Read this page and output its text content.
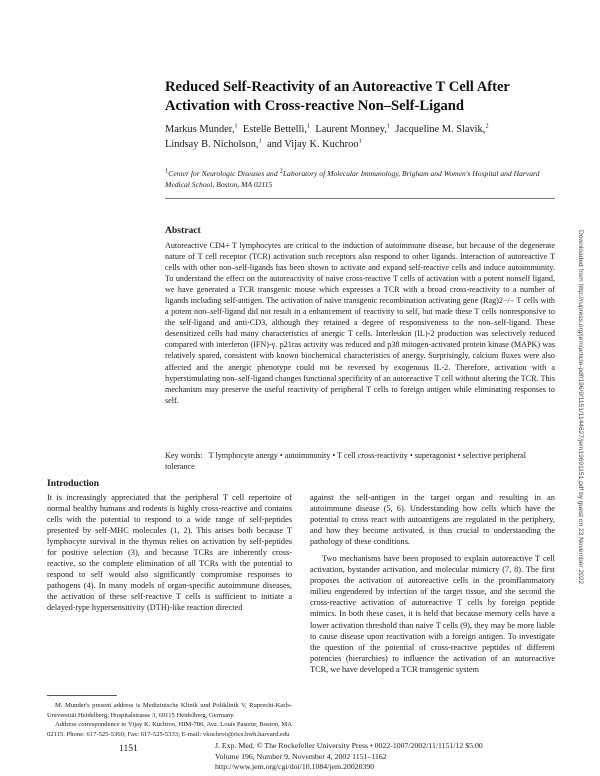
Reduced Self-Reactivity of an Autoreactive T Cell After
Activation with Cross-reactive Non–Self-Ligand
Markus Munder,$^1$ Estelle Bettelli,$^1$ Laurent Monney,$^1$ Jacqueline M. Slavik,$^2$
Lindsay B. Nicholson,$^1$ and Vijay K. Kuchroo$^1$
$^1$Center for Neurologic Diseases and $^2$Laboratory of Molecular Immunology, Brigham and Women's Hospital and Harvard Medical School, Boston, MA 02115
Abstract
Autoreactive CD4+ T lymphocytes are critical to the induction of autoimmune disease, but because of the degenerate nature of T cell receptor (TCR) activation such receptors also respond to other ligands. Interaction of autoreactive T cells with other non–self-ligands has been shown to activate and expand self-reactive cells and induce autoimmunity. To understand the effect on the autoreactivity of naive cross-reactive T cells of activation with a potent nonself ligand, we have generated a TCR transgenic mouse which expresses a TCR with a broad cross-reactivity to a number of ligands including self-antigen. The activation of naive transgenic recombination activating gene (Rag)2−/− T cells with a potent non–self-ligand did not result in a enhancement of reactivity to self, but made these T cells nonresponsive to the self-ligand and anti-CD3, although they retained a degree of responsiveness to the non–self-ligand. These desensitized cells had many characteristics of anergic T cells. Interleukin (IL)-2 production was selectively reduced compared with interferon (IFN)-γ. p21ras activity was reduced and p38 mitogen-activated protein kinase (MAPK) was relatively spared, consistent with known biochemical characteristics of anergy. Surprisingly, calcium fluxes were also affected and the anergic phenotype could not be reversed by exogenous IL-2. Therefore, activation with a hyperstimulating non–self-ligand changes functional specificity of an autoreactive T cell without altering the TCR. This mechanism may preserve the useful reactivity of peripheral T cells to foreign antigen while eliminating responses to self.
Key words: T lymphocyte anergy • autoimmunity • T cell cross-reactivity • superagonist • selective peripheral tolerance
Introduction
It is increasingly appreciated that the peripheral T cell repertoire of normal healthy humans and rodents is highly cross-reactive and contains cells with the potential to respond to a wide range of self-peptides presented by self-MHC molecules (1, 2). This arises both because T lymphocyte survival in the thymus relies on activation by self-peptides for positive selection (3), and because TCRs are inherently cross-reactive, so the complete elimination of all TCRs with the potential to respond to self would also significantly compromise responses to pathogens (4). In many models of organ-specific autoimmune diseases, the activation of these self-reactive T cells is sufficient to initiate a delayed-type hypersensitivity (DTH)-like reaction directed

against the self-antigen in the target organ and resulting in an autoimmune disease (5, 6). Understanding how cells which have the potential to cross react with autoantigens are regulated in the periphery, and how they become activated, is thus crucial to understanding the pathology of these conditions.

Two mechanisms have been proposed to explain autoreactive T cell activation, bystander activation, and molecular mimicry (7, 8). The first proposes the activation of autoreactive cells in the proinflammatory milieu engendered by infection of the target tissue, and the second the cross-reactive activation of autoreactive T cells by foreign peptide mimics. In both these cases, it is held that because memory cells have a lower activation threshold than naive T cells (9), they may be more liable to cause disease upon reactivation with a foreign antigen. To investigate the question of the potential of cross-reactive peptides of different potencies (hierarchies) to influence the activation of an autoreactive TCR, we have developed a TCR transgenic system

M. Munder's present address is Medizinische Klinik und Poliklinik V, Ruprecht-Karls-Universität Heidelberg, Hospitalstrasse 3, 69115 Heidelberg, Germany.

Address correspondence to Vijay K. Kuchroo, HIM-786, Ave. Louis Pasteur, Boston, MA 02115. Phone: 617-525-5360; Fax: 617-525-5333; E-mail: vkuchroo@rics.bwh.harvard.edu

1151	J. Exp. Med. © The Rockefeller University Press • 0022-1007/2002/11/1151/12 $5.00
Volume 196, Number 9, November 4, 2002 1151–1162
http://www.jem.org/cgi/doi/10.1084/jem.20020390
Downloaded from http://rupress.org/jem/article-pdf/196/9/1151/1144627/jem19691151.pdf by guest on 23 November 2022
